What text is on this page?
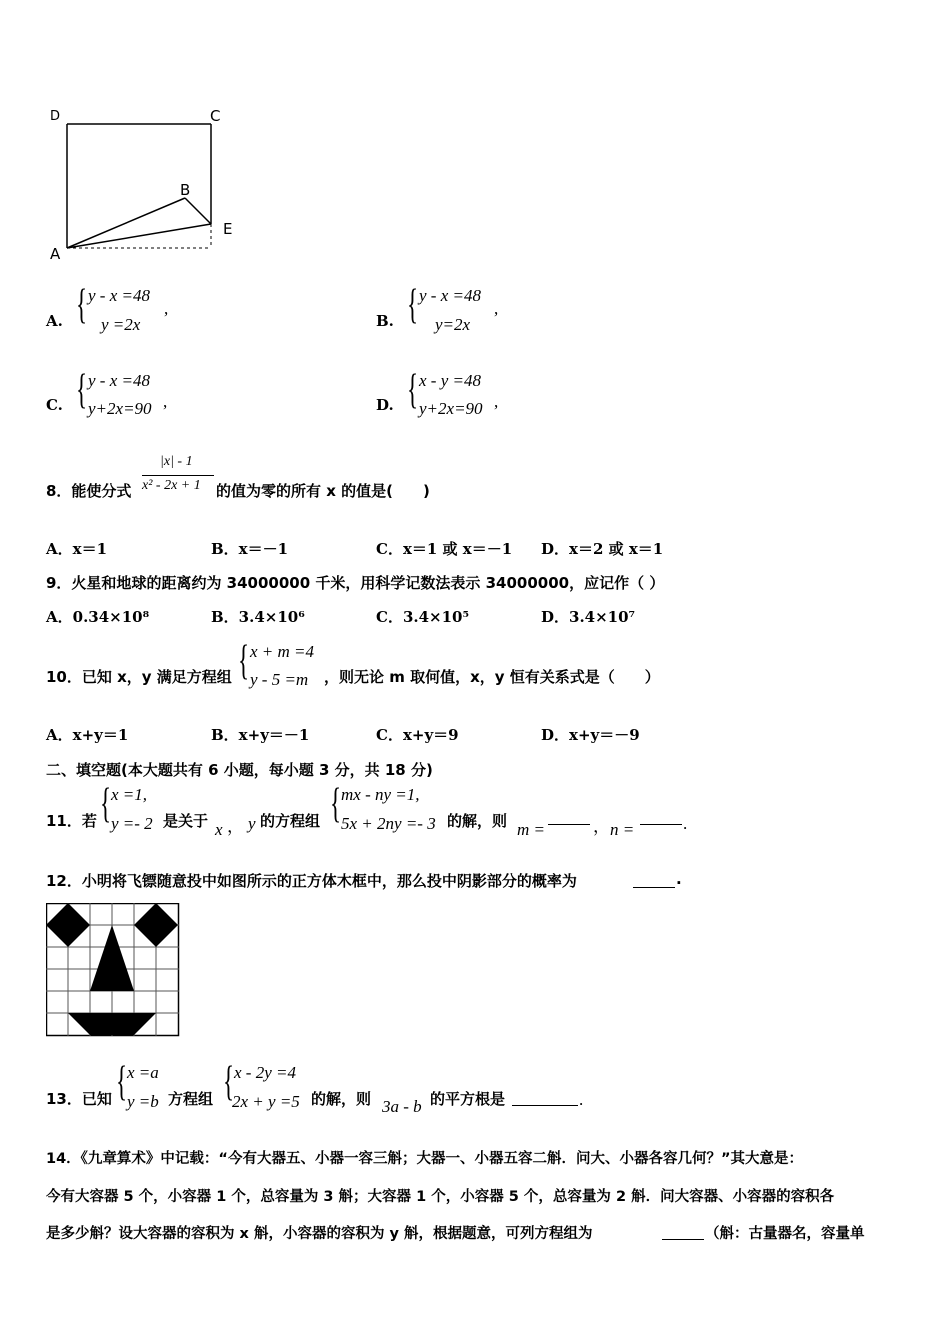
D	C
B
E
A
A. { y - x =48
y =2x
,
B. { y - x =48
y=2x
,
C. { y - x =48
y+2x=90 ,	D. { x - y =48
y+2x=90 ,
8．能使分式
|x| - 1
x² - 2x + 1 的值为零的所有 x 的值是(　　)
A．x＝1	B．x＝－1	C．x＝1 或 x＝－1 D．x＝2 或 x＝1
9．火星和地球的距离约为 34000000 千米，用科学记数法表示 34000000，应记作（ ）
A．0.34×10⁸	B．3.4×10⁶	C．3.4×10⁵	D．3.4×10⁷
10．已知 x，y 满足方程组 { x + m =4
y - 5 =m ，则无论 m 取何值，x，y 恒有关系式是（　　）
A．x+y＝1	B．x+y＝－1	C．x+y＝9	D．x+y＝－9
二、填空题(本大题共有 6 小题，每小题 3 分，共 18 分)
11．若 { x =1,
y =- 2 是关于 x ， y 的方程组 { mx - ny =1,
5x + 2ny =- 3 的解，则 m =	， n =	.
12．小明将飞镖随意投中如图所示的正方体木框中，那么投中阴影部分的概率为	.
13．已知 { x =a
y =b 方程组 { x - 2y =4
2x + y =5 的解，则 3a - b 的平方根是	.
14．《九章算术》中记载：“今有大器五、小器一容三斛；大器一、小器五容二斛．问大、小器各容几何？”其大意是：
今有大容器 5 个，小容器 1 个，总容量为 3 斛；大容器 1 个，小容器 5 个，总容量为 2 斛．问大容器、小容器的容积各
是多少斛？设大容器的容积为 x 斛，小容器的容积为 y 斛，根据题意，可列方程组为	（斛：古量器名，容量单
